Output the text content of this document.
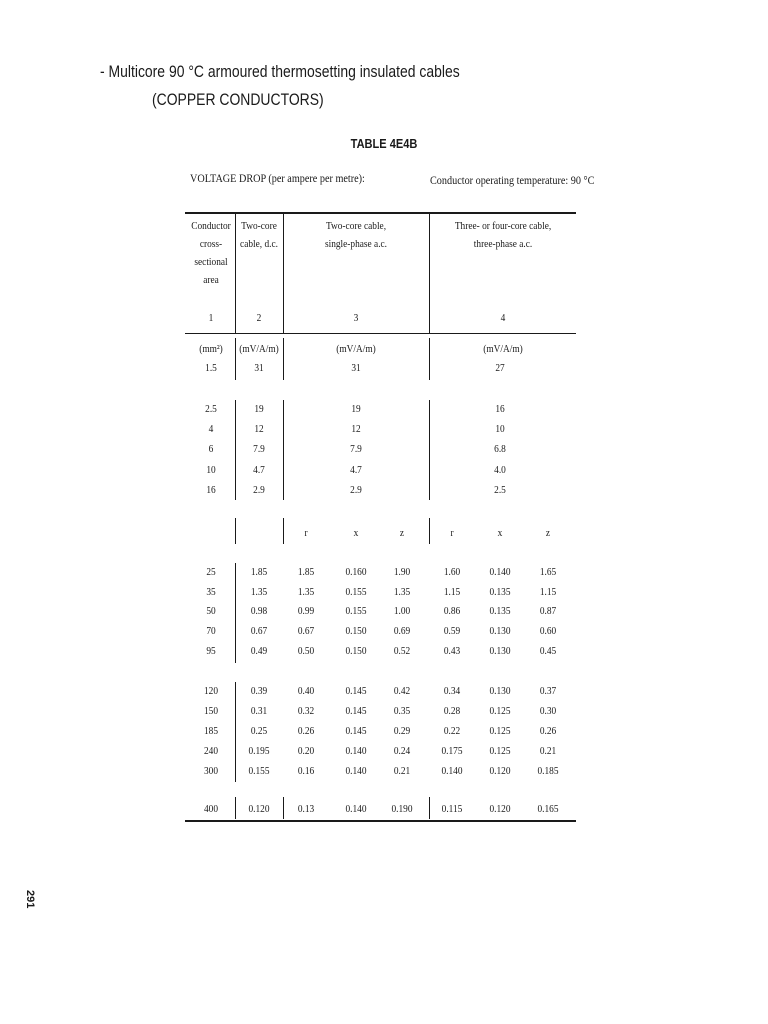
- Multicore 90 °C armoured thermosetting insulated cables
(COPPER CONDUCTORS)
TABLE 4E4B
VOLTAGE DROP (per ampere per metre):	Conductor operating temperature: 90 °C
Conductor
cross-
sectional
area
Two-core
cable, d.c.
Two-core cable,
single-phase a.c.
Three- or four-core cable,
three-phase a.c.
1	2	3	4
(mm²) (mV/A/m)	(mV/A/m)	(mV/A/m)
1.5	31	31	27
2.5	19	19	16
4	12	12	10
6	7.9	7.9	6.8
10	4.7	4.7	4.0
16	2.9	2.9	2.5
r	x	z	r	x	z
25	1.85	1.85	0.160 1.90	1.60	0.140	1.65
35	1.35	1.35	0.155 1.35	1.15	0.135	1.15
50	0.98	0.99	0.155 1.00	0.86	0.135	0.87
70	0.67	0.67	0.150 0.69	0.59	0.130	0.60
95	0.49	0.50	0.150 0.52	0.43	0.130	0.45
120	0.39	0.40	0.145 0.42	0.34	0.130	0.37
150	0.31	0.32	0.145 0.35	0.28	0.125	0.30
185	0.25	0.26	0.145 0.29	0.22	0.125	0.26
240	0.195	0.20	0.140 0.24	0.175 0.125	0.21
300	0.155	0.16	0.140 0.21	0.140 0.120 0.185
400	0.120	0.13	0.140 0.190	0.115 0.120 0.165
291
